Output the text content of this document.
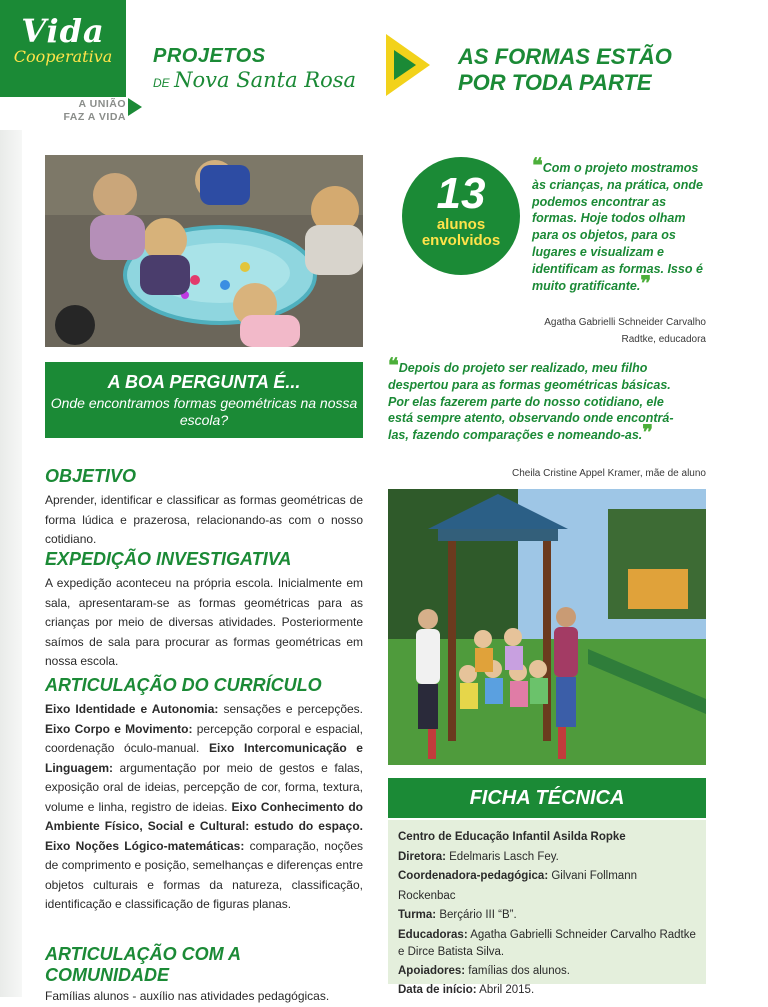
Vida
Cooperativa
A UNIÃO
FAZ A VIDA
PROJETOS
DE Nova Santa Rosa
AS FORMAS ESTÃO
POR TODA PARTE
A BOA PERGUNTA É...
Onde encontramos formas geométricas na nossa escola?
OBJETIVO

Aprender, identificar e classificar as formas geométricas de forma lúdica e prazerosa, relacionando-as com o nosso cotidiano.

EXPEDIÇÃO INVESTIGATIVA

A expedição aconteceu na própria escola. Inicialmente em sala, apresentaram-se as formas geométricas para as crianças por meio de diversas atividades. Posteriormente saímos de sala para procurar as formas geométricas em nossa escola.

ARTICULAÇÃO DO CURRÍCULO

Eixo Identidade e Autonomia: sensações e percepções. Eixo Corpo e Movimento: percepção corporal e espacial, coordenação óculo-manual. Eixo Intercomunicação e Linguagem: argumentação por meio de gestos e falas, exposição oral de ideias, percepção de cor, forma, textura, volume e linha, registro de ideias. Eixo Conhecimento do Ambiente Físico, Social e Cultural: estudo do espaço. Eixo Noções Lógico-matemáticas: comparação, noções de comprimento e posição, semelhanças e diferenças entre objetos culturais e formas da natureza, classificação, identificação e classificação de figuras planas.

ARTICULAÇÃO COM A COMUNIDADE

Famílias alunos - auxílio nas atividades pedagógicas.

13
alunos
envolvidos
❝Com o projeto mostramos às crianças, na prática, onde podemos encontrar as formas. Hoje todos olham para os objetos, para os lugares e visualizam e identificam as formas. Isso é muito gratificante.❞
Agatha Gabrielli Schneider Carvalho
Radtke, educadora
❝Depois do projeto ser realizado, meu filho despertou para as formas geométricas básicas. Por elas fazerem parte do nosso cotidiano, ele está sempre atento, observando onde encontrá-las, fazendo comparações e nomeando-as.❞
Cheila Cristine Appel Kramer, mãe de aluno
FICHA TÉCNICA
Centro de Educação Infantil Asilda Ropke
Diretora: Edelmaris Lasch Fey.
Coordenadora-pedagógica: Gilvani Follmann Rockenbac
Turma: Berçário III “B”.
Educadoras: Agatha Gabrielli Schneider Carvalho Radtke e Dirce Batista Silva.
Apoiadores: famílias dos alunos.
Data de início: Abril 2015.
